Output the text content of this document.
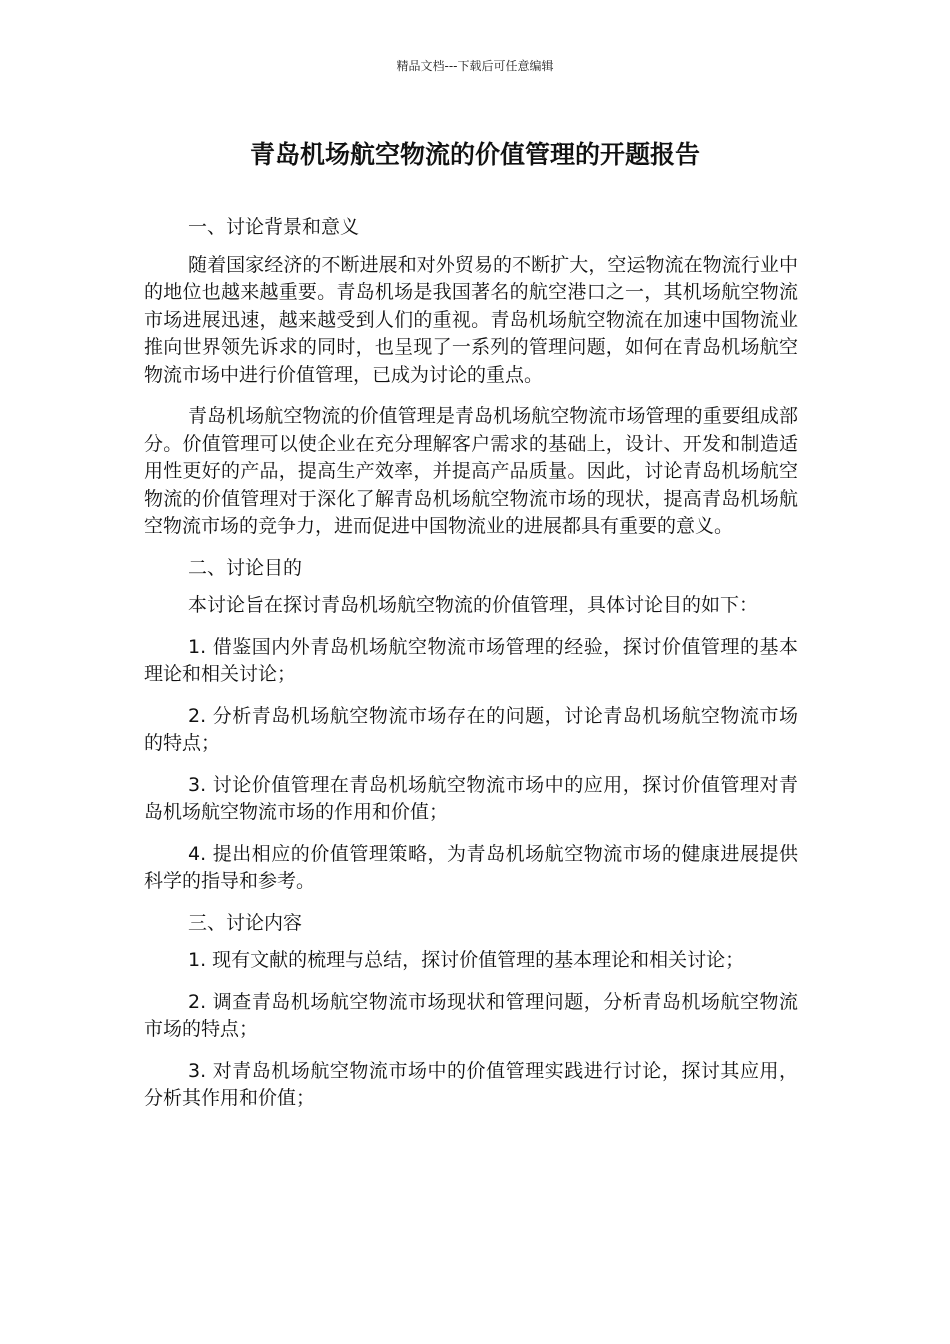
精品文档---下载后可任意编辑
青岛机场航空物流的价值管理的开题报告

一、讨论背景和意义

随着国家经济的不断进展和对外贸易的不断扩大，空运物流在物流行业中的地位也越来越重要。青岛机场是我国著名的航空港口之一，其机场航空物流市场进展迅速，越来越受到人们的重视。青岛机场航空物流在加速中国物流业推向世界领先诉求的同时，也呈现了一系列的管理问题，如何在青岛机场航空物流市场中进行价值管理，已成为讨论的重点。

青岛机场航空物流的价值管理是青岛机场航空物流市场管理的重要组成部分。价值管理可以使企业在充分理解客户需求的基础上，设计、开发和制造适用性更好的产品，提高生产效率，并提高产品质量。因此，讨论青岛机场航空物流的价值管理对于深化了解青岛机场航空物流市场的现状，提高青岛机场航空物流市场的竞争力，进而促进中国物流业的进展都具有重要的意义。

二、讨论目的

本讨论旨在探讨青岛机场航空物流的价值管理，具体讨论目的如下：

1. 借鉴国内外青岛机场航空物流市场管理的经验，探讨价值管理的基本理论和相关讨论；

2. 分析青岛机场航空物流市场存在的问题，讨论青岛机场航空物流市场的特点；

3. 讨论价值管理在青岛机场航空物流市场中的应用，探讨价值管理对青岛机场航空物流市场的作用和价值；

4. 提出相应的价值管理策略，为青岛机场航空物流市场的健康进展提供科学的指导和参考。

三、讨论内容

1. 现有文献的梳理与总结，探讨价值管理的基本理论和相关讨论；

2. 调查青岛机场航空物流市场现状和管理问题，分析青岛机场航空物流市场的特点；

3. 对青岛机场航空物流市场中的价值管理实践进行讨论，探讨其应用，分析其作用和价值；
